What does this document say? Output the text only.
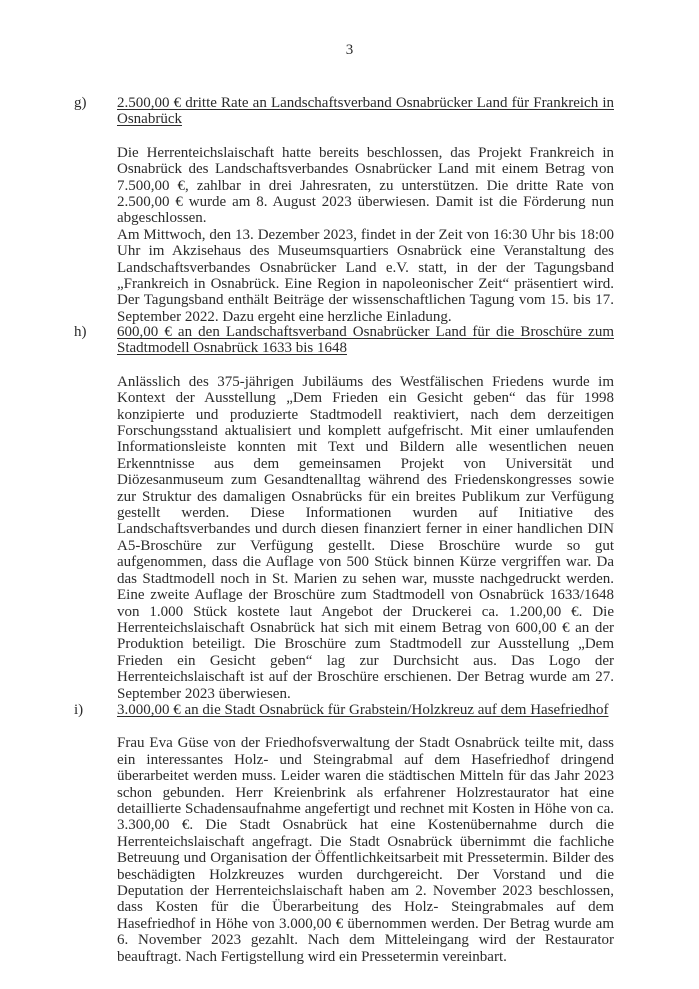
3
g) 2.500,00 € dritte Rate an Landschaftsverband Osnabrücker Land für Frankreich in Osnabrück

Die Herrenteichslaischaft hatte bereits beschlossen, das Projekt Frankreich in Osnabrück des Landschaftsverbandes Osnabrücker Land mit einem Betrag von 7.500,00 €, zahlbar in drei Jahresraten, zu unterstützen. Die dritte Rate von 2.500,00 € wurde am 8. August 2023 überwiesen. Damit ist die Förderung nun abgeschlossen.

Am Mittwoch, den 13. Dezember 2023, findet in der Zeit von 16:30 Uhr bis 18:00 Uhr im Akzisehaus des Museumsquartiers Osnabrück eine Veranstaltung des Landschaftsverbandes Osnabrücker Land e.V. statt, in der der Tagungsband „Frankreich in Osnabrück. Eine Region in napoleonischer Zeit“ präsentiert wird. Der Tagungsband enthält Beiträge der wissenschaftlichen Tagung vom 15. bis 17. September 2022. Dazu ergeht eine herzliche Einladung.

h) 600,00 € an den Landschaftsverband Osnabrücker Land für die Broschüre zum Stadtmodell Osnabrück 1633 bis 1648

Anlässlich des 375-jährigen Jubiläums des Westfälischen Friedens wurde im Kontext der Ausstellung „Dem Frieden ein Gesicht geben“ das für 1998 konzipierte und produzierte Stadtmodell reaktiviert, nach dem derzeitigen Forschungsstand aktualisiert und komplett aufgefrischt. Mit einer umlaufenden Informationsleiste konnten mit Text und Bildern alle wesentlichen neuen Erkenntnisse aus dem gemeinsamen Projekt von Universität und Diözesanmuseum zum Gesandtenalltag während des Friedenskongresses sowie zur Struktur des damaligen Osnabrücks für ein breites Publikum zur Verfügung gestellt werden. Diese Informationen wurden auf Initiative des Landschaftsverbandes und durch diesen finanziert ferner in einer handlichen DIN A5-Broschüre zur Verfügung gestellt. Diese Broschüre wurde so gut aufgenommen, dass die Auflage von 500 Stück binnen Kürze vergriffen war. Da das Stadtmodell noch in St. Marien zu sehen war, musste nachgedruckt werden. Eine zweite Auflage der Broschüre zum Stadtmodell von Osnabrück 1633/1648 von 1.000 Stück kostete laut Angebot der Druckerei ca. 1.200,00 €. Die Herrenteichslaischaft Osnabrück hat sich mit einem Betrag von 600,00 € an der Produktion beteiligt. Die Broschüre zum Stadtmodell zur Ausstellung „Dem Frieden ein Gesicht geben“ lag zur Durchsicht aus. Das Logo der Herrenteichslaischaft ist auf der Broschüre erschienen. Der Betrag wurde am 27. September 2023 überwiesen.

i) 3.000,00 € an die Stadt Osnabrück für Grabstein/Holzkreuz auf dem Hasefriedhof

Frau Eva Güse von der Friedhofsverwaltung der Stadt Osnabrück teilte mit, dass ein interessantes Holz- und Steingrabmal auf dem Hasefriedhof dringend überarbeitet werden muss. Leider waren die städtischen Mitteln für das Jahr 2023 schon gebunden. Herr Kreienbrink als erfahrener Holzrestaurator hat eine detaillierte Schadensaufnahme angefertigt und rechnet mit Kosten in Höhe von ca. 3.300,00 €. Die Stadt Osnabrück hat eine Kostenübernahme durch die Herrenteichslaischaft angefragt. Die Stadt Osnabrück übernimmt die fachliche Betreuung und Organisation der Öffentlichkeitsarbeit mit Pressetermin. Bilder des beschädigten Holzkreuzes wurden durchgereicht. Der Vorstand und die Deputation der Herrenteichslaischaft haben am 2. November 2023 beschlossen, dass Kosten für die Überarbeitung des Holz- Steingrabmales auf dem Hasefriedhof in Höhe von 3.000,00 € übernommen werden. Der Betrag wurde am 6. November 2023 gezahlt. Nach dem Mitteleingang wird der Restaurator beauftragt. Nach Fertigstellung wird ein Pressetermin vereinbart.
